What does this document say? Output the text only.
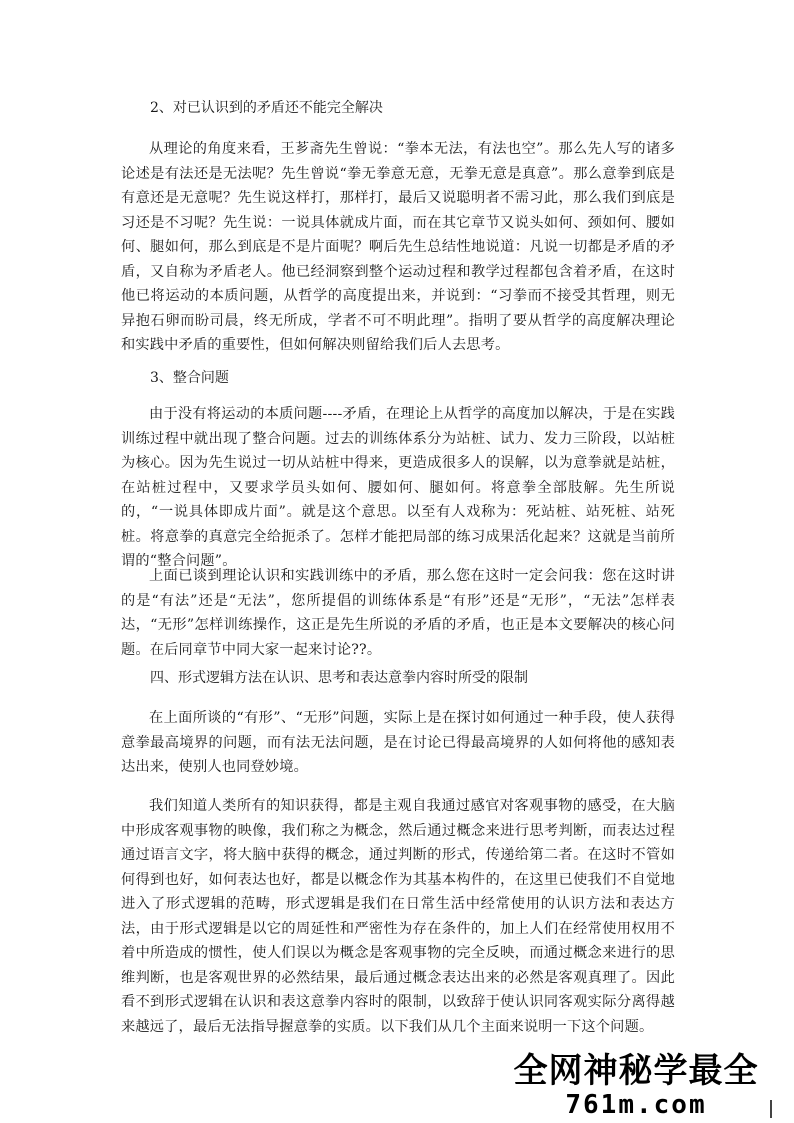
2、对已认识到的矛盾还不能完全解决
从理论的角度来看，王芗斋先生曾说：“拳本无法，有法也空”。那么先人写的诸多论述是有法还是无法呢？先生曾说“拳无拳意无意，无拳无意是真意”。那么意拳到底是有意还是无意呢？先生说这样打，那样打，最后又说聪明者不需习此，那么我们到底是习还是不习呢？先生说：一说具体就成片面，而在其它章节又说头如何、颈如何、腰如何、腿如何，那么到底是不是片面呢？啊后先生总结性地说道：凡说一切都是矛盾的矛盾，又自称为矛盾老人。他已经洞察到整个运动过程和教学过程都包含着矛盾，在这时他已将运动的本质问题，从哲学的高度提出来，并说到：“习拳而不接受其哲理，则无异抱石卵而盼司晨，终无所成，学者不可不明此理”。指明了要从哲学的高度解决理论和实践中矛盾的重要性，但如何解决则留给我们后人去思考。
3、整合问题
由于没有将运动的本质问题----矛盾，在理论上从哲学的高度加以解决，于是在实践训练过程中就出现了整合问题。过去的训练体系分为站桩、试力、发力三阶段，以站桩为核心。因为先生说过一切从站桩中得来，更造成很多人的误解，以为意拳就是站桩，在站桩过程中，又要求学员头如何、腰如何、腿如何。将意拳全部肢解。先生所说的，“一说具体即成片面”。就是这个意思。以至有人戏称为：死站桩、站死桩、站死桩。将意拳的真意完全给扼杀了。怎样才能把局部的练习成果活化起来？这就是当前所谓的“整合问题”。
上面已谈到理论认识和实践训练中的矛盾，那么您在这时一定会问我：您在这时讲的是“有法”还是“无法”，您所提倡的训练体系是“有形”还是“无形”，“无法”怎样表达，“无形”怎样训练操作，这正是先生所说的矛盾的矛盾，也正是本文要解决的核心问题。在后同章节中同大家一起来讨论??。
四、形式逻辑方法在认识、思考和表达意拳内容时所受的限制
在上面所谈的“有形”、“无形”问题，实际上是在探讨如何通过一种手段，使人获得意拳最高境界的问题，而有法无法问题，是在讨论已得最高境界的人如何将他的感知表达出来，使别人也同登妙境。
我们知道人类所有的知识获得，都是主观自我通过感官对客观事物的感受，在大脑中形成客观事物的映像，我们称之为概念，然后通过概念来进行思考判断，而表达过程通过语言文字，将大脑中获得的概念，通过判断的形式，传递给第二者。在这时不管如何得到也好，如何表达也好，都是以概念作为其基本构件的，在这里已使我们不自觉地进入了形式逻辑的范畴，形式逻辑是我们在日常生活中经常使用的认识方法和表达方法，由于形式逻辑是以它的周延性和严密性为存在条件的，加上人们在经常使用权用不着中所造成的惯性，使人们误以为概念是客观事物的完全反映，而通过概念来进行的思维判断，也是客观世界的必然结果，最后通过概念表达出来的必然是客观真理了。因此看不到形式逻辑在认识和表这意拳内容时的限制，以致辞于使认识同客观实际分离得越来越远了，最后无法指导握意拳的实质。以下我们从几个主面来说明一下这个问题。
全网神秘学最全
761m.com
